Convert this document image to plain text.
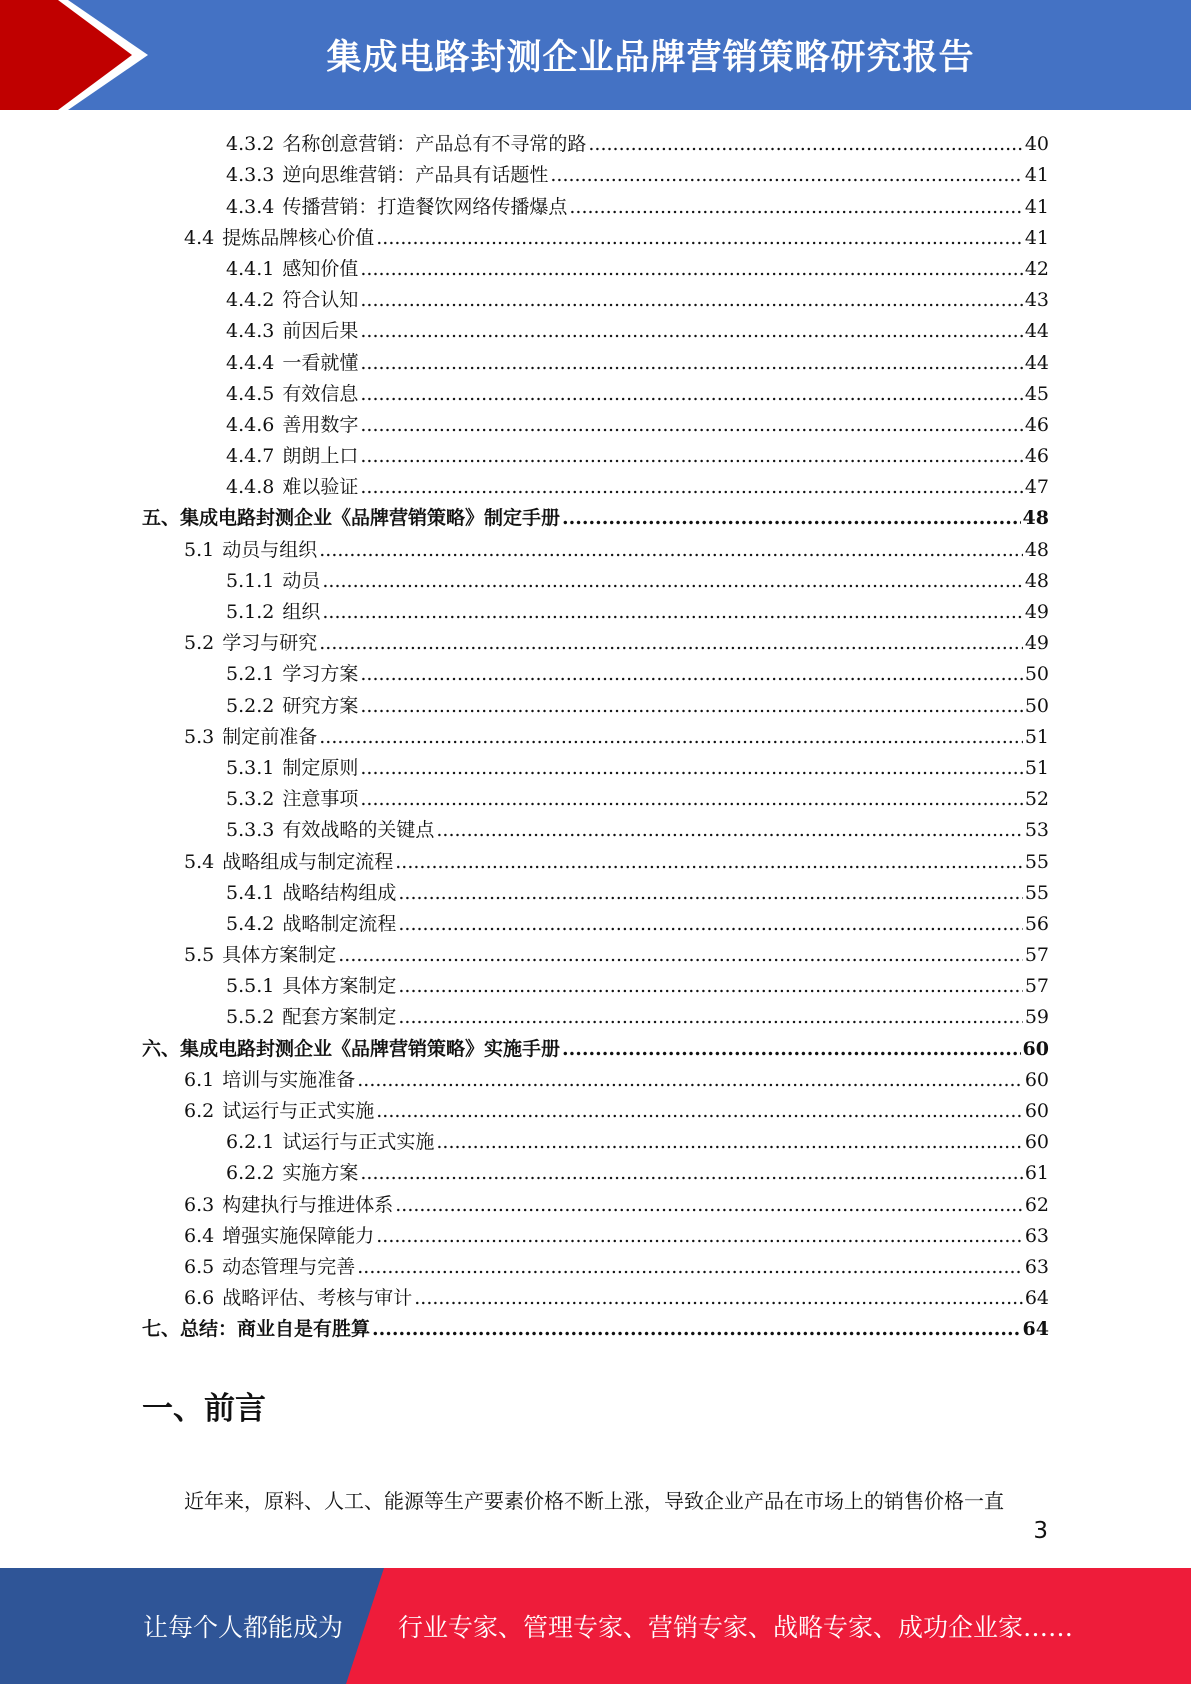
集成电路封测企业品牌营销策略研究报告
4.3.2 名称创意营销：产品总有不寻常的路 .....	40
4.3.3 逆向思维营销：产品具有话题性 .....	41
4.3.4 传播营销：打造餐饮网络传播爆点 .....	41
4.4 提炼品牌核心价值 .....	41
4.4.1 感知价值 .....	42
4.4.2 符合认知 .....	43
4.4.3 前因后果 .....	44
4.4.4 一看就懂 .....	44
4.4.5 有效信息 .....	45
4.4.6 善用数字 .....	46
4.4.7 朗朗上口 .....	46
4.4.8 难以验证 .....	47
五、集成电路封测企业《品牌营销策略》制定手册 .....	48
5.1 动员与组织 .....	48
5.1.1 动员 .....	48
5.1.2 组织 .....	49
5.2 学习与研究 .....	49
5.2.1 学习方案 .....	50
5.2.2 研究方案 .....	50
5.3 制定前准备 .....	51
5.3.1 制定原则 .....	51
5.3.2 注意事项 .....	52
5.3.3 有效战略的关键点 .....	53
5.4 战略组成与制定流程 .....	55
5.4.1 战略结构组成 .....	55
5.4.2 战略制定流程 .....	56
5.5 具体方案制定 .....	57
5.5.1 具体方案制定 .....	57
5.5.2 配套方案制定 .....	59
六、集成电路封测企业《品牌营销策略》实施手册 .....	60
6.1 培训与实施准备 .....	60
6.2 试运行与正式实施 .....	60
6.2.1 试运行与正式实施 .....	60
6.2.2 实施方案 .....	61
6.3 构建执行与推进体系 .....	62
6.4 增强实施保障能力 .....	63
6.5 动态管理与完善 .....	63
6.6 战略评估、考核与审计 .....	64
七、总结：商业自是有胜算 .....	64
一、前言
近年来，原料、人工、能源等生产要素价格不断上涨，导致企业产品在市场上的销售价格一直
3
让每个人都能成为 行业专家、管理专家、营销专家、战略专家、成功企业家……
